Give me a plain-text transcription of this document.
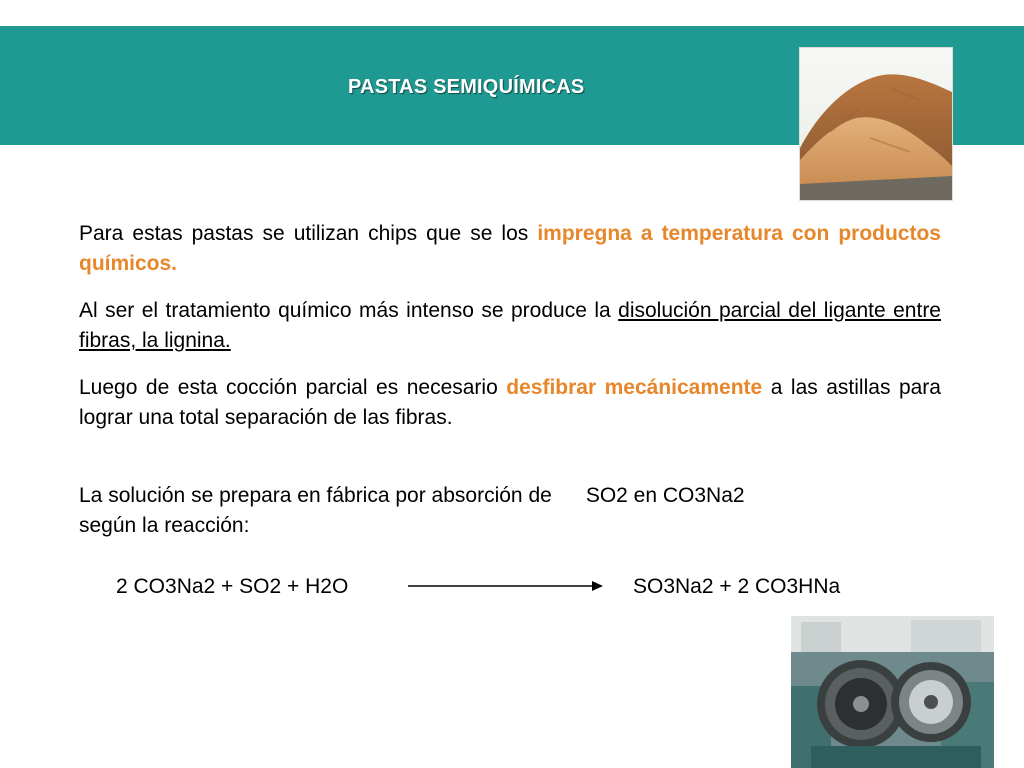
PASTAS SEMIQUÍMICAS

Para estas pastas se utilizan chips que se los impregna a temperatura con productos químicos.

Al ser el tratamiento químico más intenso se produce la disolución parcial del ligante entre fibras, la lignina.

Luego de esta cocción parcial es necesario desfibrar mecánicamente a las astillas para lograr una total separación de las fibras.

La solución se prepara en fábrica por absorción de SO2 en CO3Na2
según la reacción:

2 CO3Na2 + SO2 + H2O	SO3Na2 + 2 CO3HNa
